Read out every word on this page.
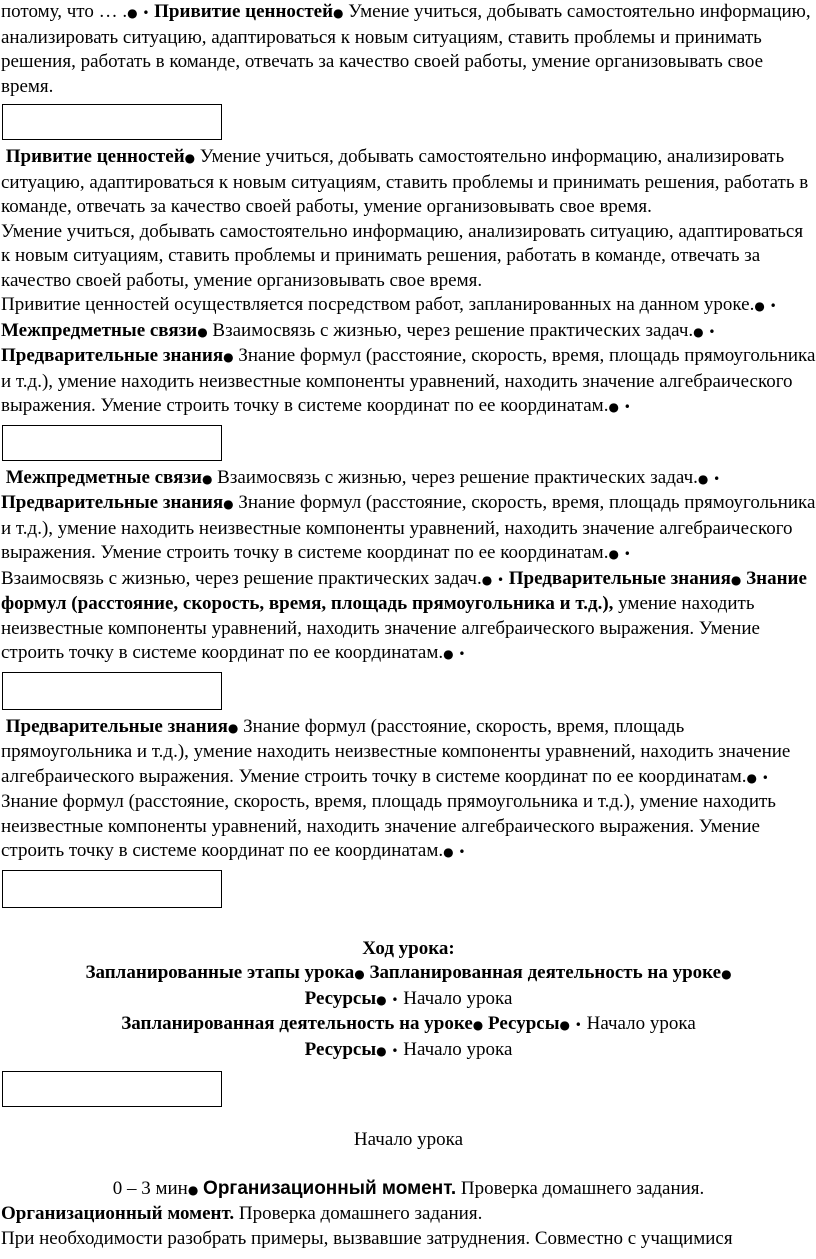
потому, что … .● • Привитие ценностей● Умение учиться, добывать самостоятельно информацию, анализировать ситуацию, адаптироваться к новым ситуациям, ставить проблемы и принимать решения, работать в команде, отвечать за качество своей работы, умение организовывать свое время.

Привитие ценностей● Умение учиться, добывать самостоятельно информацию, анализировать ситуацию, адаптироваться к новым ситуациям, ставить проблемы и принимать решения, работать в команде, отвечать за качество своей работы, умение организовывать свое время.

Умение учиться, добывать самостоятельно информацию, анализировать ситуацию, адаптироваться к новым ситуациям, ставить проблемы и принимать решения, работать в команде, отвечать за качество своей работы, умение организовывать свое время.

Привитие ценностей осуществляется посредством работ, запланированных на данном уроке.● • Межпредметные связи● Взаимосвязь с жизнью, через решение практических задач.● • Предварительные знания● Знание формул (расстояние, скорость, время, площадь прямоугольника и т.д.), умение находить неизвестные компоненты уравнений, находить значение алгебраического выражения. Умение строить точку в системе координат по ее координатам.● •

Межпредметные связи● Взаимосвязь с жизнью, через решение практических задач.● • Предварительные знания● Знание формул (расстояние, скорость, время, площадь прямоугольника и т.д.), умение находить неизвестные компоненты уравнений, находить значение алгебраического выражения. Умение строить точку в системе координат по ее координатам.● •

Взаимосвязь с жизнью, через решение практических задач.● • Предварительные знания● Знание формул (расстояние, скорость, время, площадь прямоугольника и т.д.), умение находить неизвестные компоненты уравнений, находить значение алгебраического выражения. Умение строить точку в системе координат по ее координатам.● •

Предварительные знания● Знание формул (расстояние, скорость, время, площадь прямоугольника и т.д.), умение находить неизвестные компоненты уравнений, находить значение алгебраического выражения. Умение строить точку в системе координат по ее координатам.● •

Знание формул (расстояние, скорость, время, площадь прямоугольника и т.д.), умение находить неизвестные компоненты уравнений, находить значение алгебраического выражения. Умение строить точку в системе координат по ее координатам.● •

Ход урока:

Запланированные этапы урока● Запланированная деятельность на уроке● Ресурсы● • Начало урока

Запланированная деятельность на уроке● Ресурсы● • Начало урока

Ресурсы● • Начало урока

Начало урока

0 – 3 мин● Организационный момент. Проверка домашнего задания.

Организационный момент. Проверка домашнего задания.

При необходимости разобрать примеры, вызвавшие затруднения. Совместно с учащимися
